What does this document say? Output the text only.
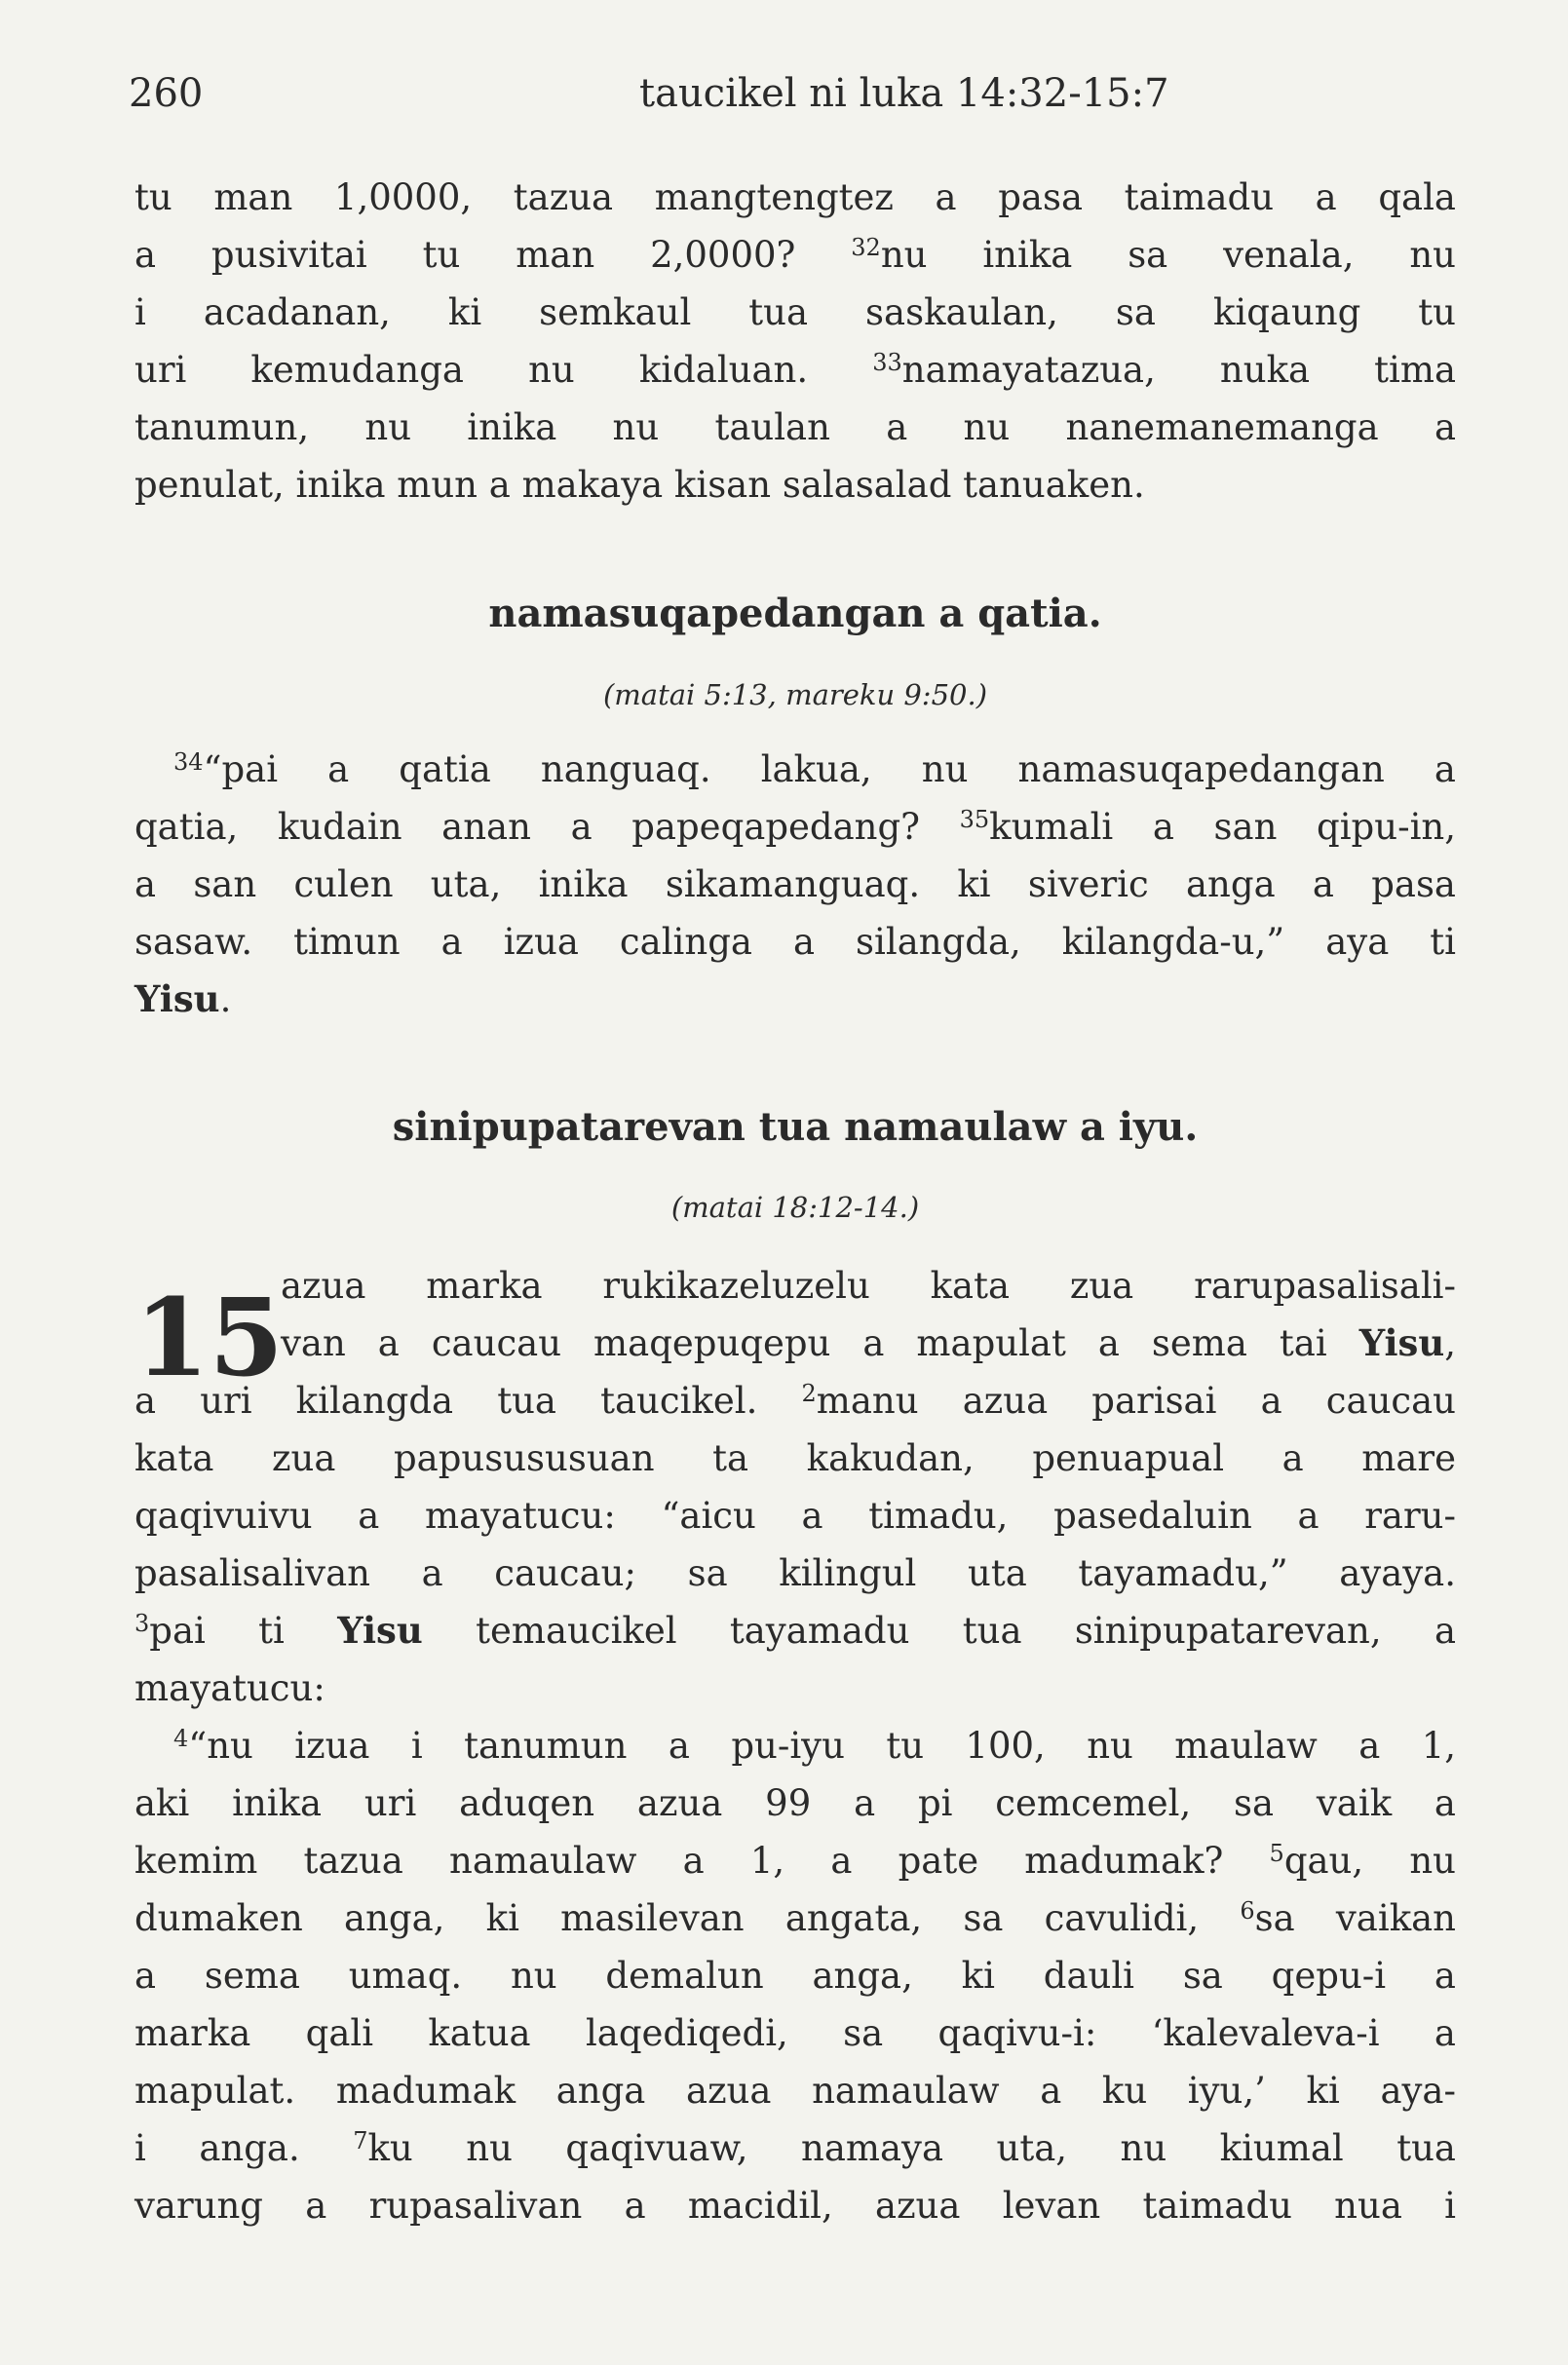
260	taucikel ni luka 14:32-15:7
tu man 1,0000, tazua mangtengtez a pasa taimadu a qala
a pusivitai tu man 2,0000? $^{32}$nu inika sa venala, nu
i acadanan, ki semkaul tua saskaulan, sa kiqaung tu
uri kemudanga nu kidaluan.	$^{33}$namayatazua, nuka tima
tanumun, nu inika nu taulan a nu nanemanemanga a
penulat, inika mun a makaya kisan salasalad tanuaken.
namasuqapedangan a qatia.
(matai 5:13, mareku 9:50.)
$^{34}$“pai a qatia nanguaq. lakua, nu namasuqapedangan a
qatia, kudain anan a papeqapedang? $^{35}$kumali a san qipu-in,
a san culen uta, inika sikamanguaq. ki siveric anga a pasa
sasaw. timun a izua calinga a silangda, kilangda-u,” aya ti
Yisu.
sinipupatarevan tua namaulaw a iyu.
(matai 18:12-14.)
15
azua marka rukikazeluzelu kata zua rarupasalisali-
van a caucau maqepuqepu a mapulat a sema tai Yisu,
a uri kilangda tua taucikel. $^2$manu azua parisai a caucau
kata zua papusususuan ta kakudan, penuapual a mare
qaqivuivu a mayatucu: “aicu a timadu, pasedaluin a raru-
pasalisalivan a caucau; sa kilingul uta tayamadu,” ayaya.
$^3$pai ti Yisu temaucikel tayamadu tua sinipupatarevan, a
mayatucu:
$^4$“nu izua i tanumun a pu-iyu tu 100, nu maulaw a 1,
aki inika uri aduqen azua 99 a pi cemcemel, sa vaik a
kemim tazua namaulaw a 1, a pate madumak? $^5$qau, nu
dumaken anga, ki masilevan angata, sa cavulidi, $^6$sa vaikan
a sema umaq. nu demalun anga, ki dauli sa qepu-i a
marka qali katua laqediqedi, sa qaqivu-i: ‘kalevaleva-i a
mapulat. madumak anga azua namaulaw a ku iyu,’ ki aya-
i anga. $^7$ku nu qaqivuaw, namaya uta, nu kiumal tua
varung a rupasalivan a macidil, azua levan taimadu nua i
